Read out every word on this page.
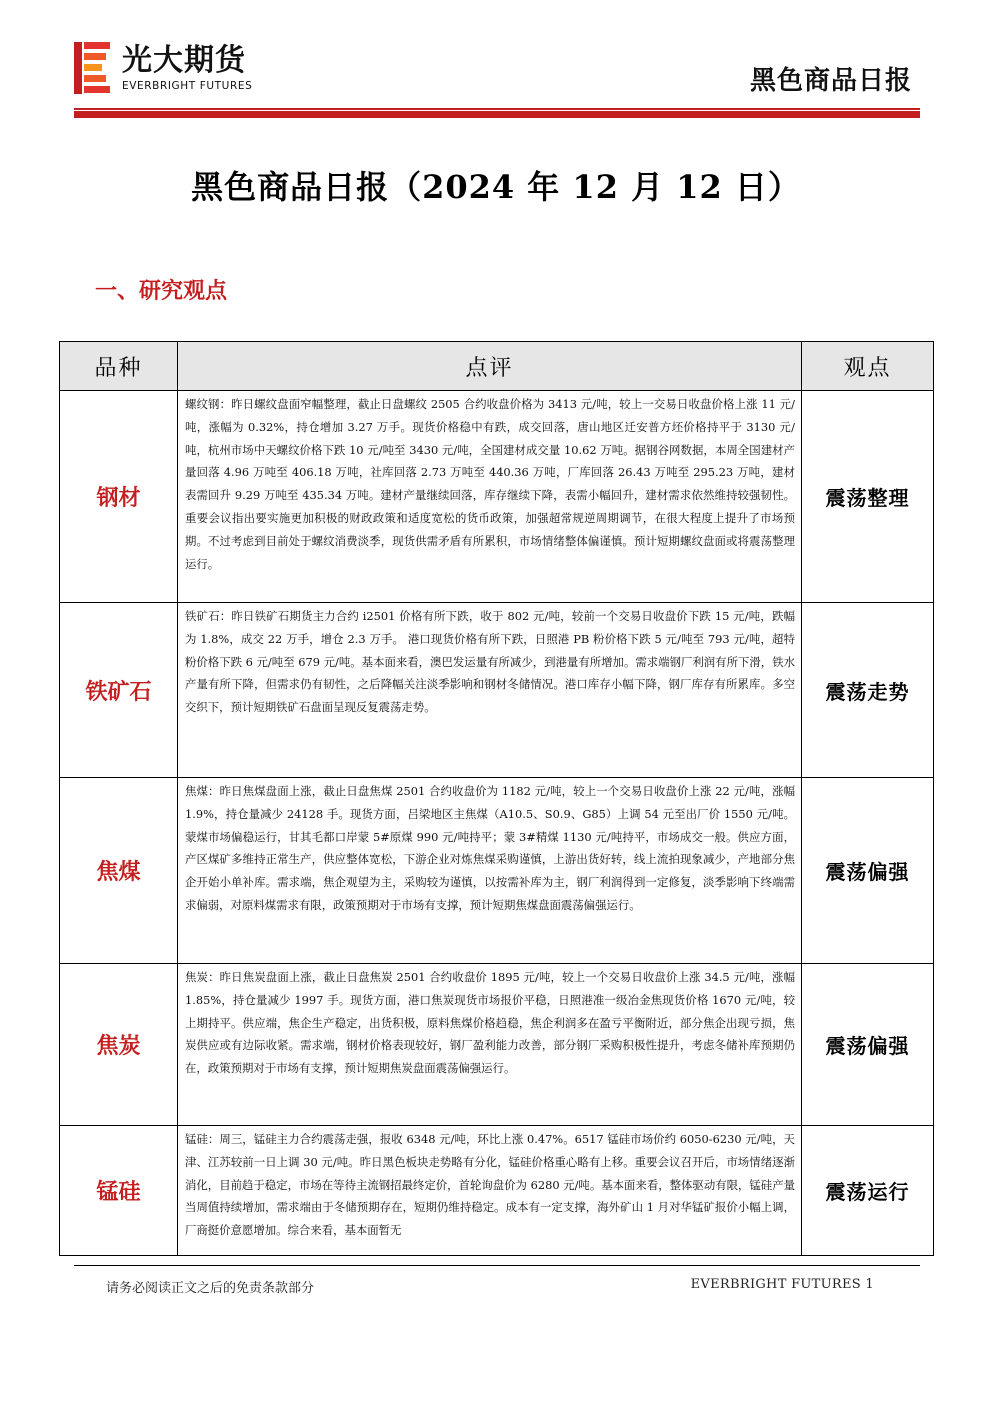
光大期货
EVERBRIGHT FUTURES	黑色商品日报
黑色商品日报（2024 年 12 月 12 日）
一、研究观点
品种	点评	观点
钢材	螺纹钢：昨日螺纹盘面窄幅整理，截止日盘螺纹 2505 合约收盘价格为 3413 元/吨，较上一交易日收盘价格上涨 11 元/吨，涨幅为 0.32%，持仓增加 3.27 万手。现货价格稳中有跌，成交回落，唐山地区迁安普方坯价格持平于 3130 元/吨，杭州市场中天螺纹价格下跌 10 元/吨至 3430 元/吨，全国建材成交量 10.62 万吨。据钢谷网数据，本周全国建材产量回落 4.96 万吨至 406.18 万吨，社库回落 2.73 万吨至 440.36 万吨，厂库回落 26.43 万吨至 295.23 万吨，建材表需回升 9.29 万吨至 435.34 万吨。建材产量继续回落，库存继续下降，表需小幅回升，建材需求依然维持较强韧性。重要会议指出要实施更加积极的财政政策和适度宽松的货币政策，加强超常规逆周期调节，在很大程度上提升了市场预期。不过考虑到目前处于螺纹消费淡季，现货供需矛盾有所累积，市场情绪整体偏谨慎。预计短期螺纹盘面或将震荡整理运行。	震荡整理
铁矿石	铁矿石：昨日铁矿石期货主力合约 i2501 价格有所下跌，收于 802 元/吨，较前一个交易日收盘价下跌 15 元/吨，跌幅为 1.8%，成交 22 万手，增仓 2.3 万手。 港口现货价格有所下跌，日照港 PB 粉价格下跌 5 元/吨至 793 元/吨，超特粉价格下跌 6 元/吨至 679 元/吨。基本面来看，澳巴发运量有所减少，到港量有所增加。需求端钢厂利润有所下滑，铁水产量有所下降，但需求仍有韧性，之后降幅关注淡季影响和钢材冬储情况。港口库存小幅下降，钢厂库存有所累库。多空交织下，预计短期铁矿石盘面呈现反复震荡走势。	震荡走势
焦煤	焦煤：昨日焦煤盘面上涨，截止日盘焦煤 2501 合约收盘价为 1182 元/吨，较上一个交易日收盘价上涨 22 元/吨，涨幅 1.9%，持仓量减少 24128 手。现货方面，吕梁地区主焦煤（A10.5、S0.9、G85）上调 54 元至出厂价 1550 元/吨。蒙煤市场偏稳运行，甘其毛都口岸蒙 5#原煤 990 元/吨持平；蒙 3#精煤 1130 元/吨持平，市场成交一般。供应方面，产区煤矿多维持正常生产，供应整体宽松，下游企业对炼焦煤采购谨慎，上游出货好转，线上流拍现象减少，产地部分焦企开始小单补库。需求端，焦企观望为主，采购较为谨慎，以按需补库为主，钢厂利润得到一定修复，淡季影响下终端需求偏弱，对原料煤需求有限，政策预期对于市场有支撑，预计短期焦煤盘面震荡偏强运行。	震荡偏强
焦炭	焦炭：昨日焦炭盘面上涨，截止日盘焦炭 2501 合约收盘价 1895 元/吨，较上一个交易日收盘价上涨 34.5 元/吨，涨幅 1.85%，持仓量减少 1997 手。现货方面，港口焦炭现货市场报价平稳，日照港准一级冶金焦现货价格 1670 元/吨，较上期持平。供应端，焦企生产稳定，出货积极，原料焦煤价格趋稳，焦企利润多在盈亏平衡附近，部分焦企出现亏损，焦炭供应或有边际收紧。需求端，钢材价格表现较好，钢厂盈利能力改善，部分钢厂采购积极性提升，考虑冬储补库预期仍在，政策预期对于市场有支撑，预计短期焦炭盘面震荡偏强运行。	震荡偏强
锰硅	锰硅：周三，锰硅主力合约震荡走强，报收 6348 元/吨，环比上涨 0.47%。6517 锰硅市场价约 6050-6230 元/吨，天津、江苏较前一日上调 30 元/吨。昨日黑色板块走势略有分化，锰硅价格重心略有上移。重要会议召开后，市场情绪逐渐消化，目前趋于稳定，市场在等待主流钢招最终定价，首轮询盘价为 6280 元/吨。基本面来看，整体驱动有限，锰硅产量当周值持续增加，需求端由于冬储预期存在，短期仍维持稳定。成本有一定支撑，海外矿山 1 月对华锰矿报价小幅上调，厂商挺价意愿增加。综合来看，基本面暂无	震荡运行
请务必阅读正文之后的免责条款部分	EVERBRIGHT FUTURES 1
